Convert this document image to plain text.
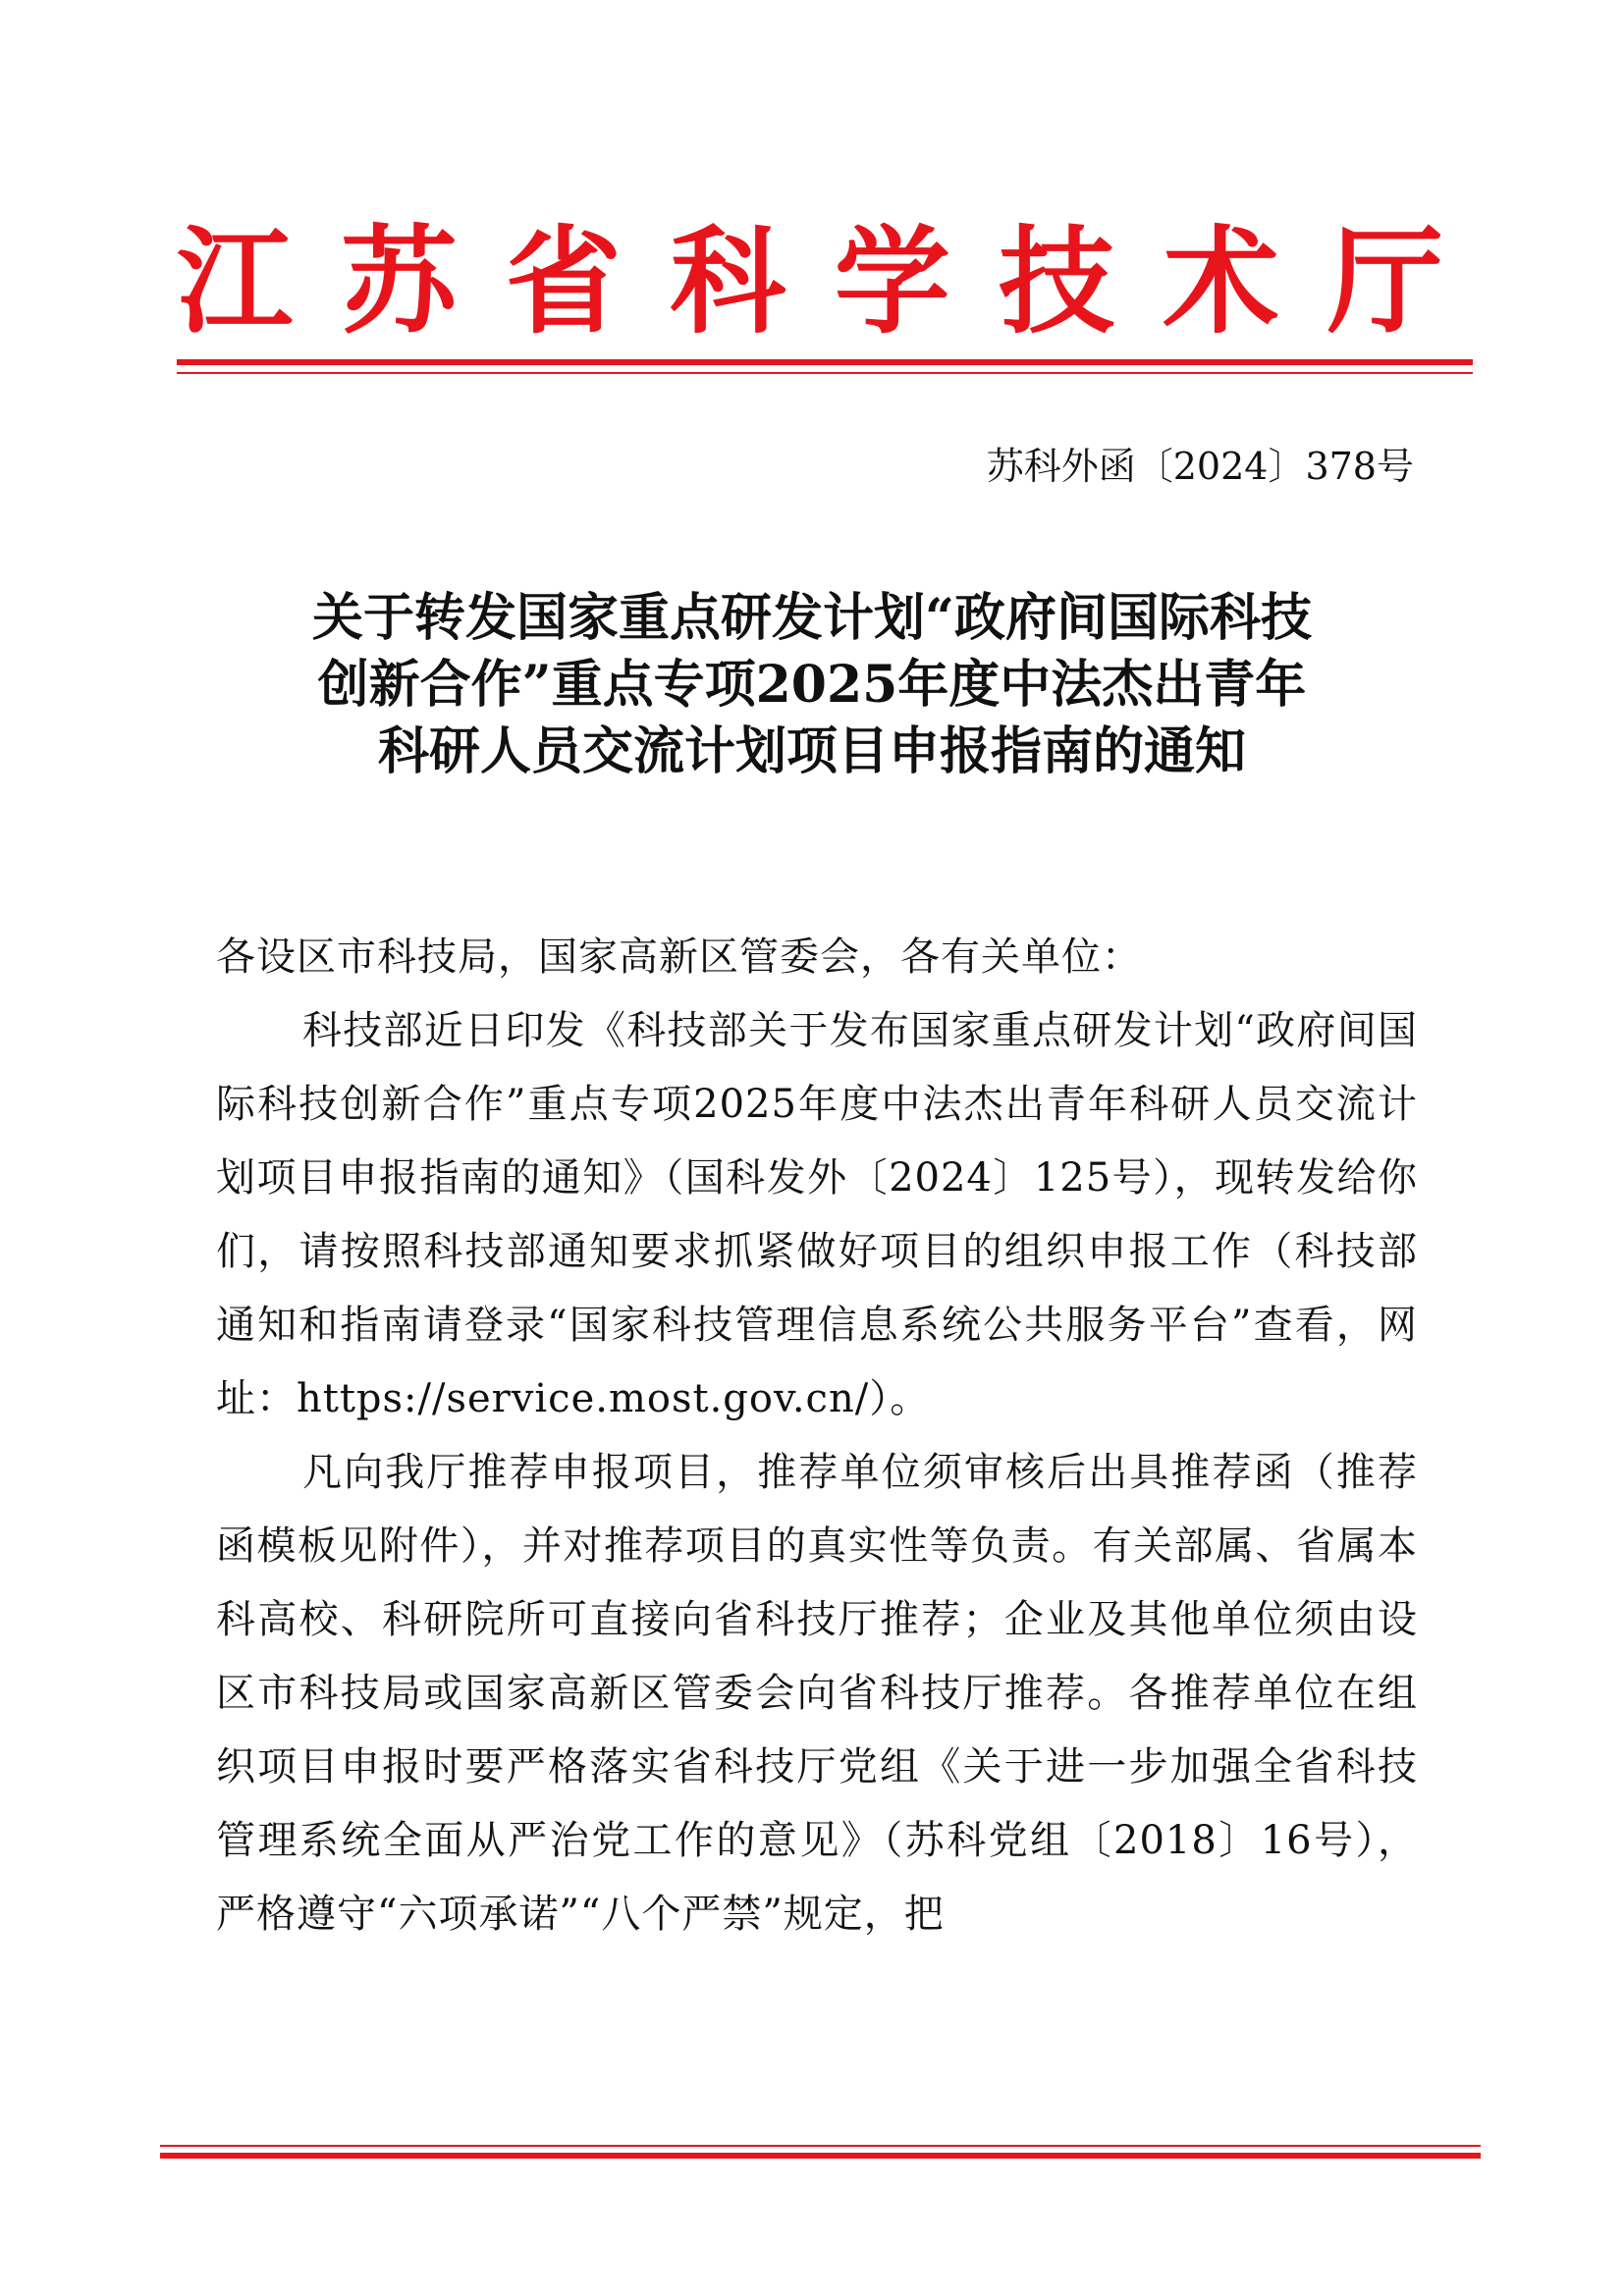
江 苏 省 科 学 技 术 厅
苏科外函〔2024〕378号
关于转发国家重点研发计划“政府间国际科技
创新合作”重点专项2025年度中法杰出青年
科研人员交流计划项目申报指南的通知

各设区市科技局，国家高新区管委会，各有关单位：

科技部近日印发《科技部关于发布国家重点研发计划“政府间国际科技创新合作”重点专项2025年度中法杰出青年科研人员交流计划项目申报指南的通知》（国科发外〔2024〕125号），现转发给你们，请按照科技部通知要求抓紧做好项目的组织申报工作（科技部通知和指南请登录“国家科技管理信息系统公共服务平台”查看，网址：https://service.most.gov.cn/）。

凡向我厅推荐申报项目，推荐单位须审核后出具推荐函（推荐函模板见附件），并对推荐项目的真实性等负责。有关部属、省属本科高校、科研院所可直接向省科技厅推荐；企业及其他单位须由设区市科技局或国家高新区管委会向省科技厅推荐。各推荐单位在组织项目申报时要严格落实省科技厅党组《关于进一步加强全省科技管理系统全面从严治党工作的意见》（苏科党组〔2018〕16号），严格遵守“六项承诺”“八个严禁”规定，把
